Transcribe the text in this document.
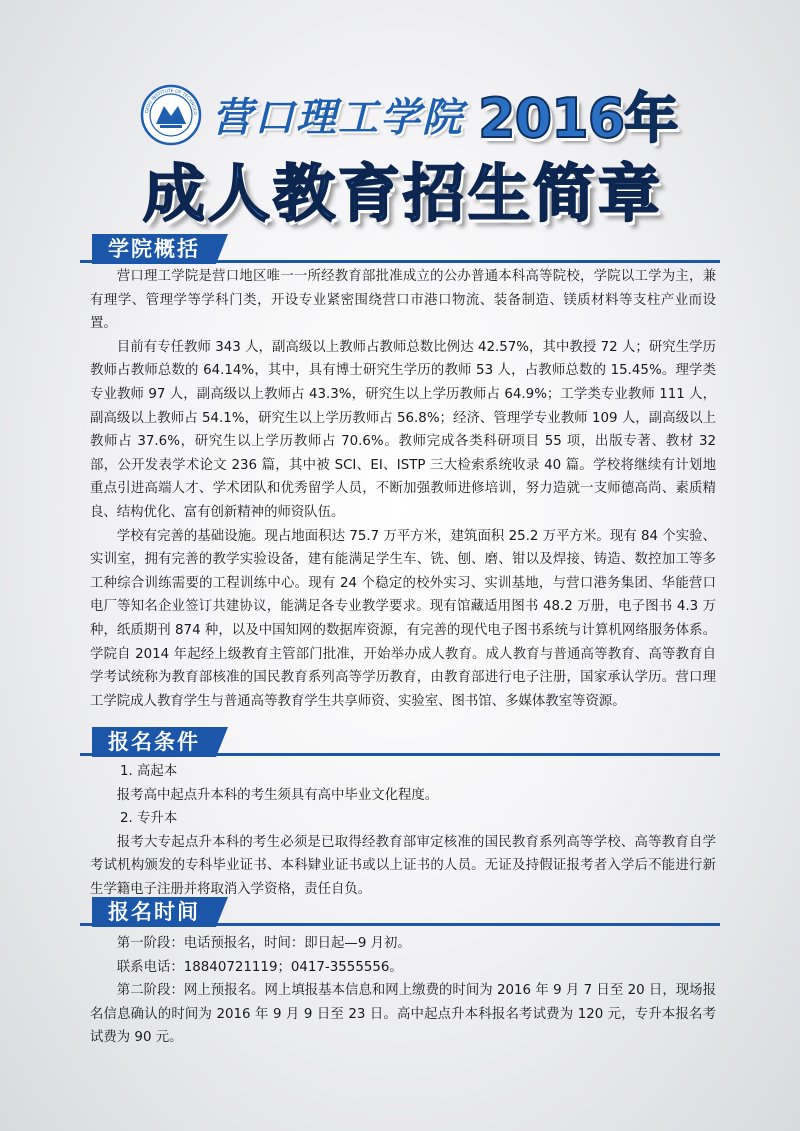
GKOU INSTITUTE OF TECHNOLO 营口理工学院 2016年
成人教育招生简章
学院概括

营口理工学院是营口地区唯一一所经教育部批准成立的公办普通本科高等院校，学院以工学为主，兼有理学、管理学等学科门类，开设专业紧密围绕营口市港口物流、装备制造、镁质材料等支柱产业而设置。

目前有专任教师 343 人，副高级以上教师占教师总数比例达 42.57%，其中教授 72 人；研究生学历教师占教师总数的 64.14%，其中，具有博士研究生学历的教师 53 人，占教师总数的 15.45%。理学类专业教师 97 人，副高级以上教师占 43.3%，研究生以上学历教师占 64.9%；工学类专业教师 111 人，副高级以上教师占 54.1%，研究生以上学历教师占 56.8%；经济、管理学专业教师 109 人，副高级以上教师占 37.6%，研究生以上学历教师占 70.6%。教师完成各类科研项目 55 项，出版专著、教材 32 部，公开发表学术论文 236 篇，其中被 SCI、EI、ISTP 三大检索系统收录 40 篇。学校将继续有计划地重点引进高端人才、学术团队和优秀留学人员，不断加强教师进修培训，努力造就一支师德高尚、素质精良、结构优化、富有创新精神的师资队伍。

学校有完善的基础设施。现占地面积达 75.7 万平方米，建筑面积 25.2 万平方米。现有 84 个实验、实训室，拥有完善的教学实验设备，建有能满足学生车、铣、刨、磨、钳以及焊接、铸造、数控加工等多工种综合训练需要的工程训练中心。现有 24 个稳定的校外实习、实训基地，与营口港务集团、华能营口电厂等知名企业签订共建协议，能满足各专业教学要求。现有馆藏适用图书 48.2 万册，电子图书 4.3 万种，纸质期刊 874 种，以及中国知网的数据库资源，有完善的现代电子图书系统与计算机网络服务体系。学院自 2014 年起经上级教育主管部门批准，开始举办成人教育。成人教育与普通高等教育、高等教育自学考试统称为教育部核准的国民教育系列高等学历教育，由教育部进行电子注册，国家承认学历。营口理工学院成人教育学生与普通高等教育学生共享师资、实验室、图书馆、多媒体教室等资源。

报名条件

1. 高起本

报考高中起点升本科的考生须具有高中毕业文化程度。

2. 专升本

报考大专起点升本科的考生必须是已取得经教育部审定核准的国民教育系列高等学校、高等教育自学考试机构颁发的专科毕业证书、本科肄业证书或以上证书的人员。无证及持假证报考者入学后不能进行新生学籍电子注册并将取消入学资格，责任自负。

报名时间

第一阶段：电话预报名，时间：即日起—9 月初。

联系电话：18840721119；0417-3555556。

第二阶段：网上预报名。网上填报基本信息和网上缴费的时间为 2016 年 9 月 7 日至 20 日，现场报名信息确认的时间为 2016 年 9 月 9 日至 23 日。高中起点升本科报名考试费为 120 元，专升本报名考试费为 90 元。
